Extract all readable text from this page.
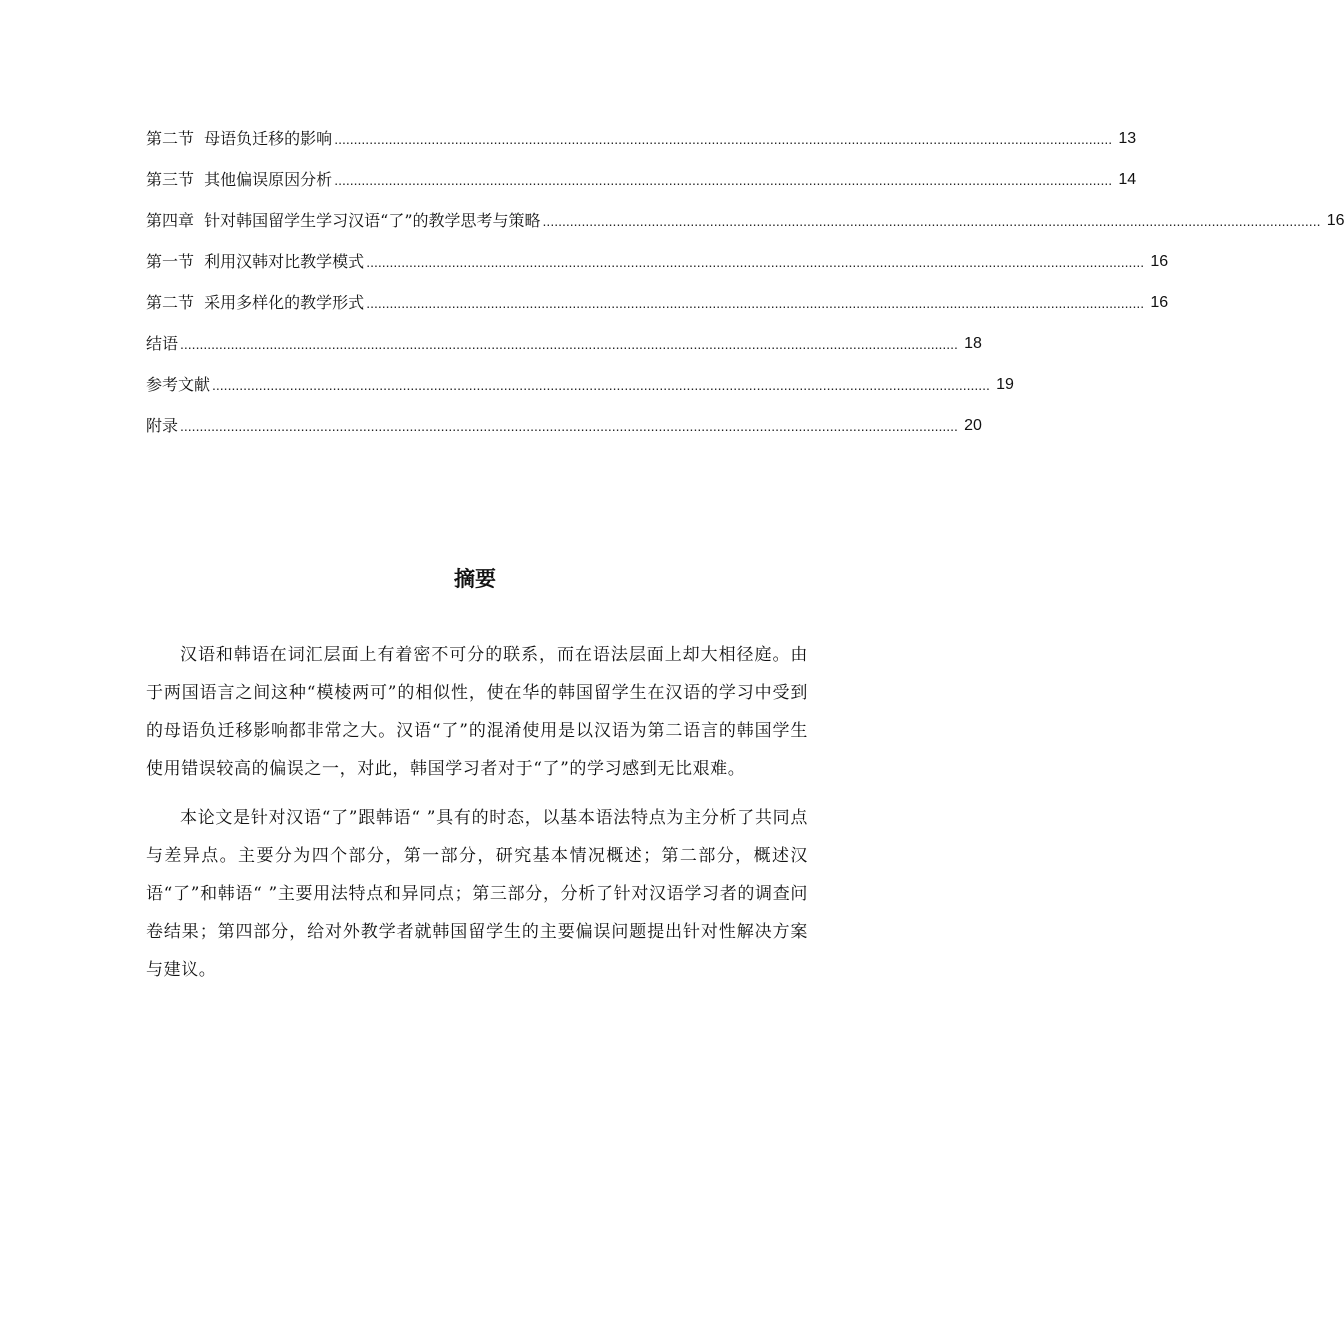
第二节  母语负迁移的影响 ........................................................................................................................................................................................................ 13
第三节  其他偏误原因分析 ........................................................................................................................................................................................................ 14
第四章  针对韩国留学生学习汉语“了”的教学思考与策略 ........................................................................................................................................................................................................ 16
第一节  利用汉韩对比教学模式 ........................................................................................................................................................................................................ 16
第二节  采用多样化的教学形式 ........................................................................................................................................................................................................ 16
结语 ........................................................................................................................................................................................................ 18
参考文献 ........................................................................................................................................................................................................ 19
附录 ........................................................................................................................................................................................................ 20
摘要

汉语和韩语在词汇层面上有着密不可分的联系，而在语法层面上却大相径庭。由于两国语言之间这种“模棱两可”的相似性，使在华的韩国留学生在汉语的学习中受到的母语负迁移影响都非常之大。汉语“了”的混淆使用是以汉语为第二语言的韩国学生使用错误较高的偏误之一，对此，韩国学习者对于“了”的学习感到无比艰难。

本论文是针对汉语“了”跟韩语“ ”具有的时态，以基本语法特点为主分析了共同点与差异点。主要分为四个部分，第一部分，研究基本情况概述；第二部分，概述汉语“了”和韩语“ ”主要用法特点和异同点；第三部分，分析了针对汉语学习者的调查问卷结果；第四部分，给对外教学者就韩国留学生的主要偏误问题提出针对性解决方案与建议。
